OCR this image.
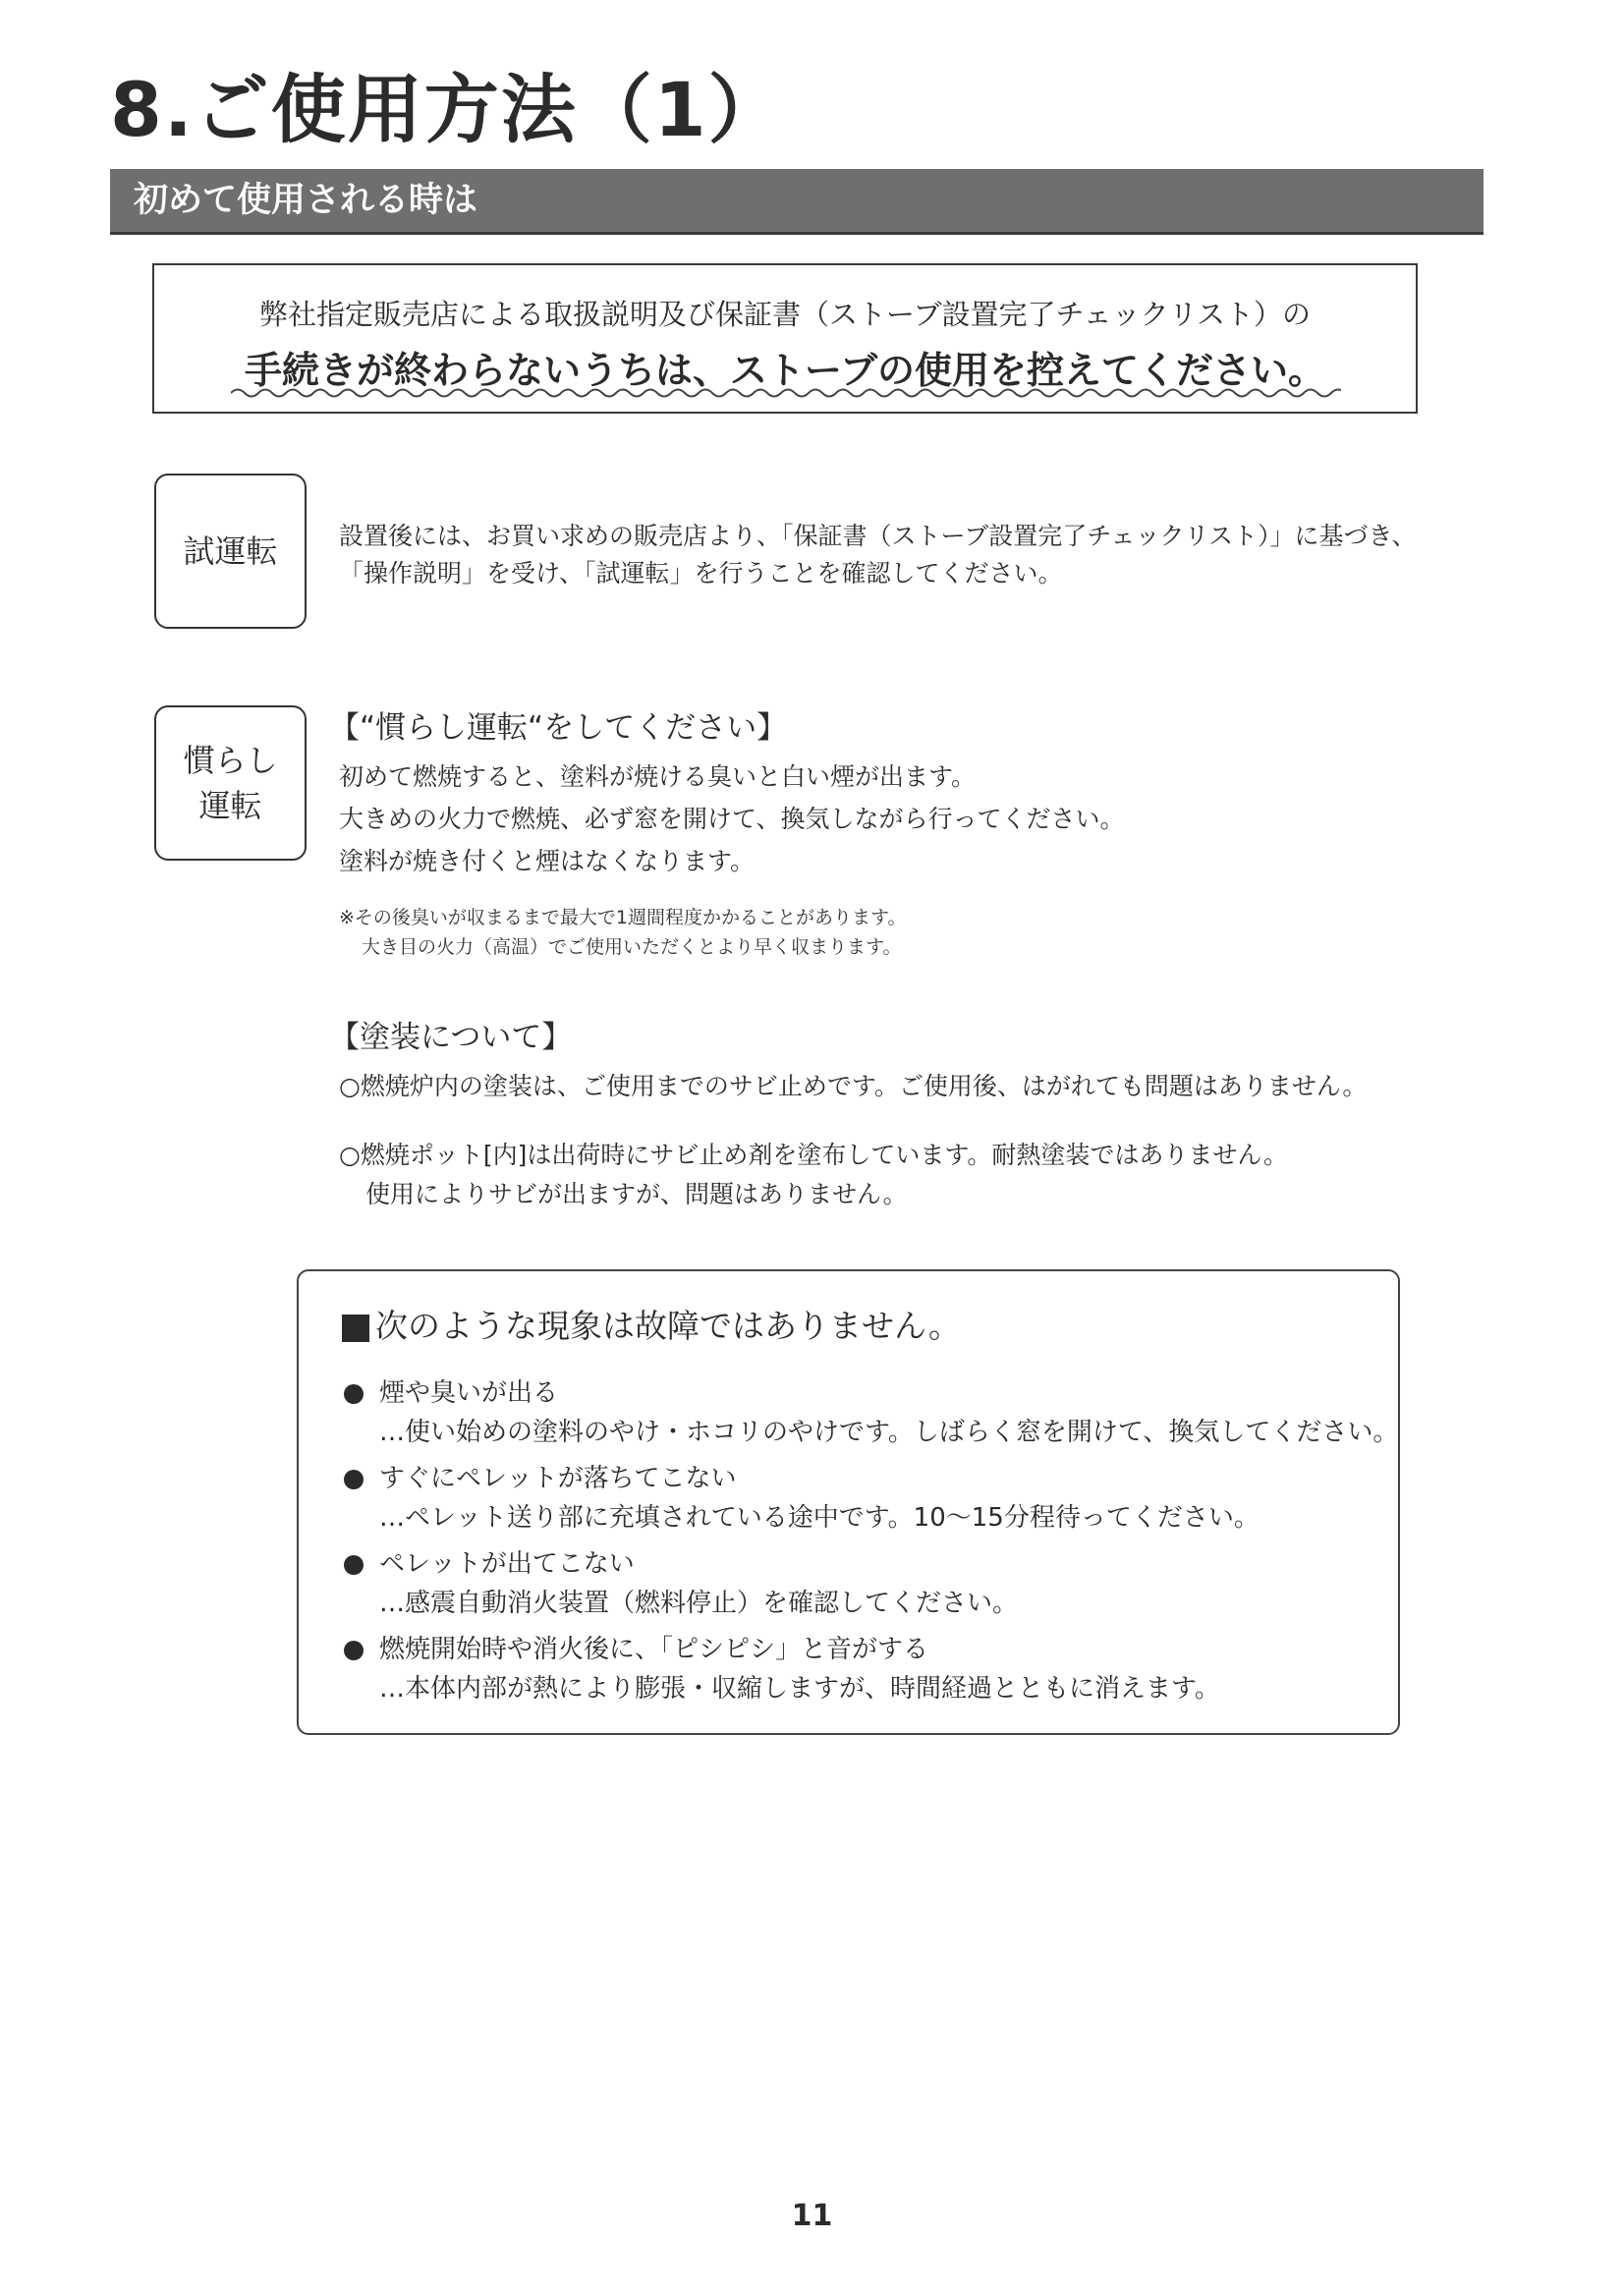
8.ご使用方法（1）
初めて使用される時は
弊社指定販売店による取扱説明及び保証書（ストーブ設置完了チェックリスト）の
手続きが終わらないうちは、ストーブの使用を控えてください。
試運転	設置後には、お買い求めの販売店より、「保証書（ストーブ設置完了チェックリスト）」に基づき、
「操作説明」を受け、「試運転」を行うことを確認してください。
慣らし
運転
【“慣らし運転“をしてください】
初めて燃焼すると、塗料が焼ける臭いと白い煙が出ます。
大きめの火力で燃焼、必ず窓を開けて、換気しながら行ってください。
塗料が焼き付くと煙はなくなります。
※その後臭いが収まるまで最大で1週間程度かかることがあります。
大き目の火力（高温）でご使用いただくとより早く収まります。
【塗装について】
○燃焼炉内の塗装は、ご使用までのサビ止めです。ご使用後、はがれても問題はありません。
○燃焼ポット[内]は出荷時にサビ止め剤を塗布しています。耐熱塗装ではありません。
使用によりサビが出ますが、問題はありません。
次のような現象は故障ではありません。
煙や臭いが出る
…使い始めの塗料のやけ・ホコリのやけです。しばらく窓を開けて、換気してください。
すぐにペレットが落ちてこない
…ペレット送り部に充填されている途中です。10〜15分程待ってください。
ペレットが出てこない
…感震自動消火装置（燃料停止）を確認してください。
燃焼開始時や消火後に、「ピシピシ」と音がする
…本体内部が熱により膨張・収縮しますが、時間経過とともに消えます。
11
